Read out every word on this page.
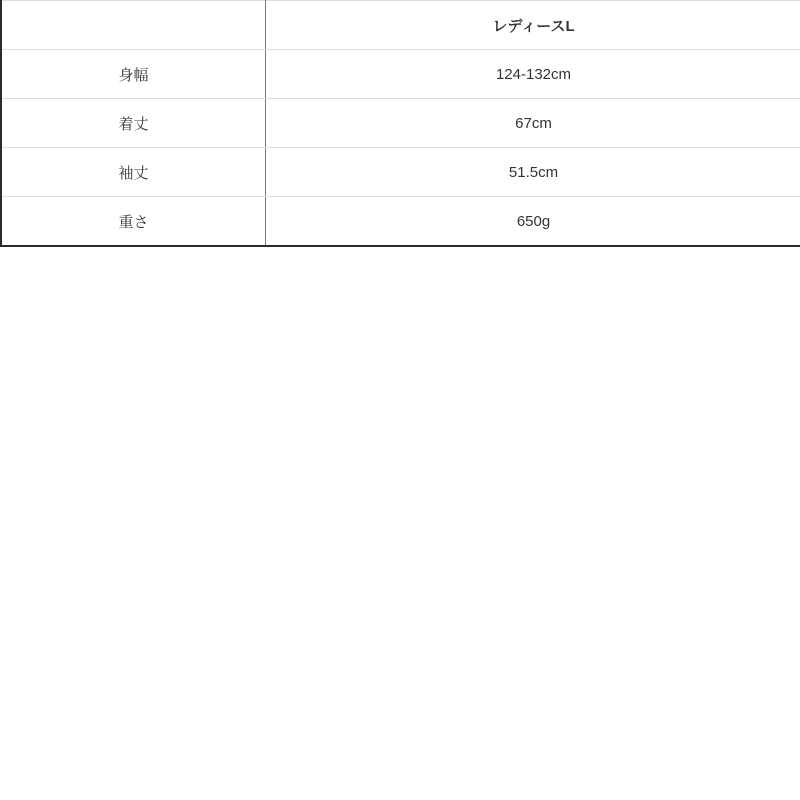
	レディースL
身幅	124-132cm
着丈	67cm
袖丈	51.5cm
重さ	650g
